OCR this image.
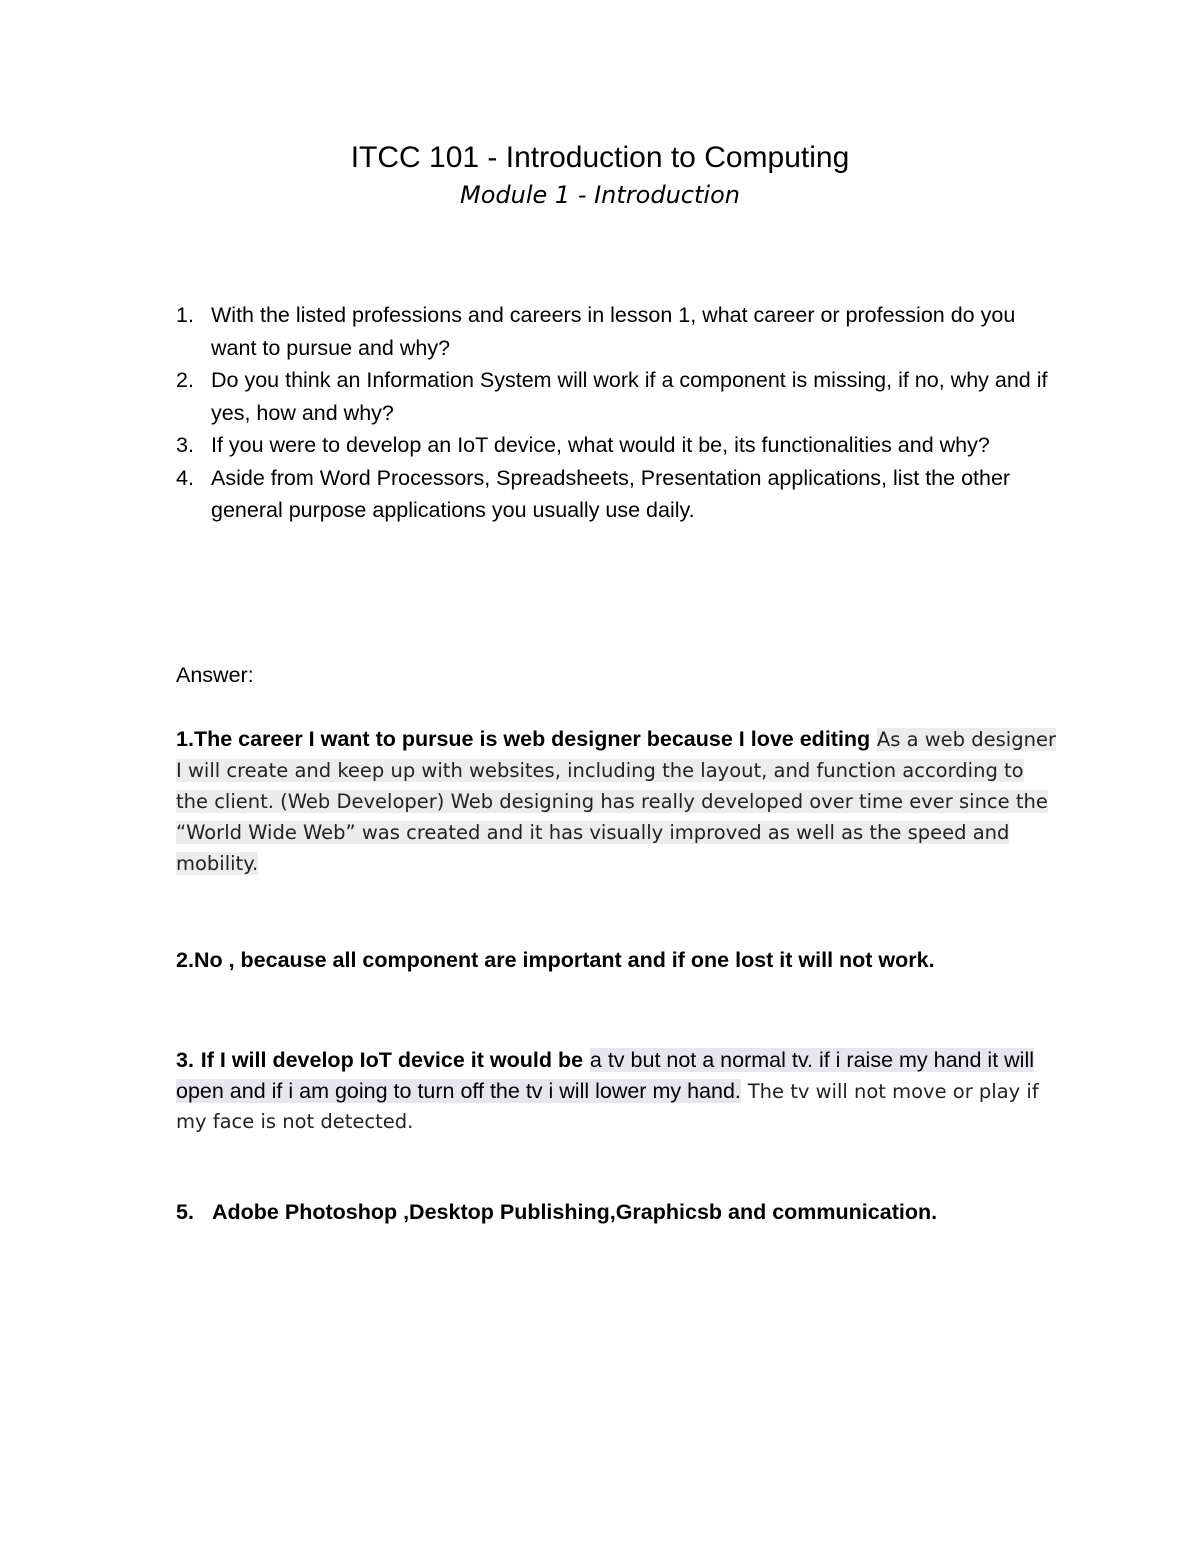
ITCC 101 - Introduction to Computing
Module 1 - Introduction
1. With the listed professions and careers in lesson 1, what career or profession do you want to pursue and why?
2. Do you think an Information System will work if a component is missing, if no, why and if yes, how and why?
3. If you were to develop an IoT device, what would it be, its functionalities and why?
4. Aside from Word Processors, Spreadsheets, Presentation applications, list the other general purpose applications you usually use daily.
Answer:
1.The career I want to pursue is web designer because I love editing As a web designer I will create and keep up with websites, including the layout, and function according to the client. (Web Developer) Web designing has really developed over time ever since the “World Wide Web” was created and it has visually improved as well as the speed and mobility.
2.No , because all component are important and if one lost it will not work.
3. If I will develop IoT device it would be a tv but not a normal tv. if i raise my hand it will open and if i am going to turn off the tv i will lower my hand. The tv will not move or play if my face is not detected.
5. Adobe Photoshop ,Desktop Publishing,Graphicsb and communication.
